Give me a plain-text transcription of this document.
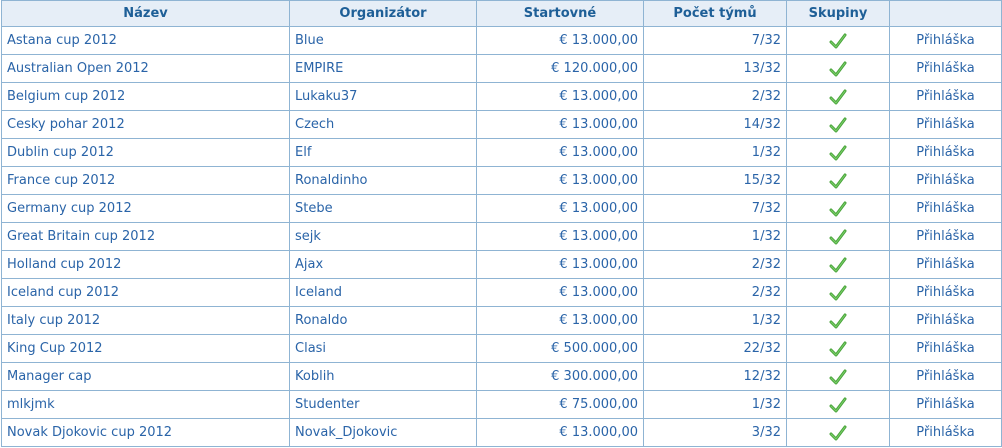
Název	Organizátor	Startovné	Počet týmů	Skupiny	
Astana cup 2012	Blue	€ 13.000,00	7/32		Přihláška
Australian Open 2012	EMPIRE	€ 120.000,00	13/32		Přihláška
Belgium cup 2012	Lukaku37	€ 13.000,00	2/32		Přihláška
Cesky pohar 2012	Czech	€ 13.000,00	14/32		Přihláška
Dublin cup 2012	Elf	€ 13.000,00	1/32		Přihláška
France cup 2012	Ronaldinho	€ 13.000,00	15/32		Přihláška
Germany cup 2012	Stebe	€ 13.000,00	7/32		Přihláška
Great Britain cup 2012	sejk	€ 13.000,00	1/32		Přihláška
Holland cup 2012	Ajax	€ 13.000,00	2/32		Přihláška
Iceland cup 2012	Iceland	€ 13.000,00	2/32		Přihláška
Italy cup 2012	Ronaldo	€ 13.000,00	1/32		Přihláška
King Cup 2012	Clasi	€ 500.000,00	22/32		Přihláška
Manager cap	Koblih	€ 300.000,00	12/32		Přihláška
mlkjmk	Studenter	€ 75.000,00	1/32		Přihláška
Novak Djokovic cup 2012	Novak_Djokovic	€ 13.000,00	3/32		Přihláška
